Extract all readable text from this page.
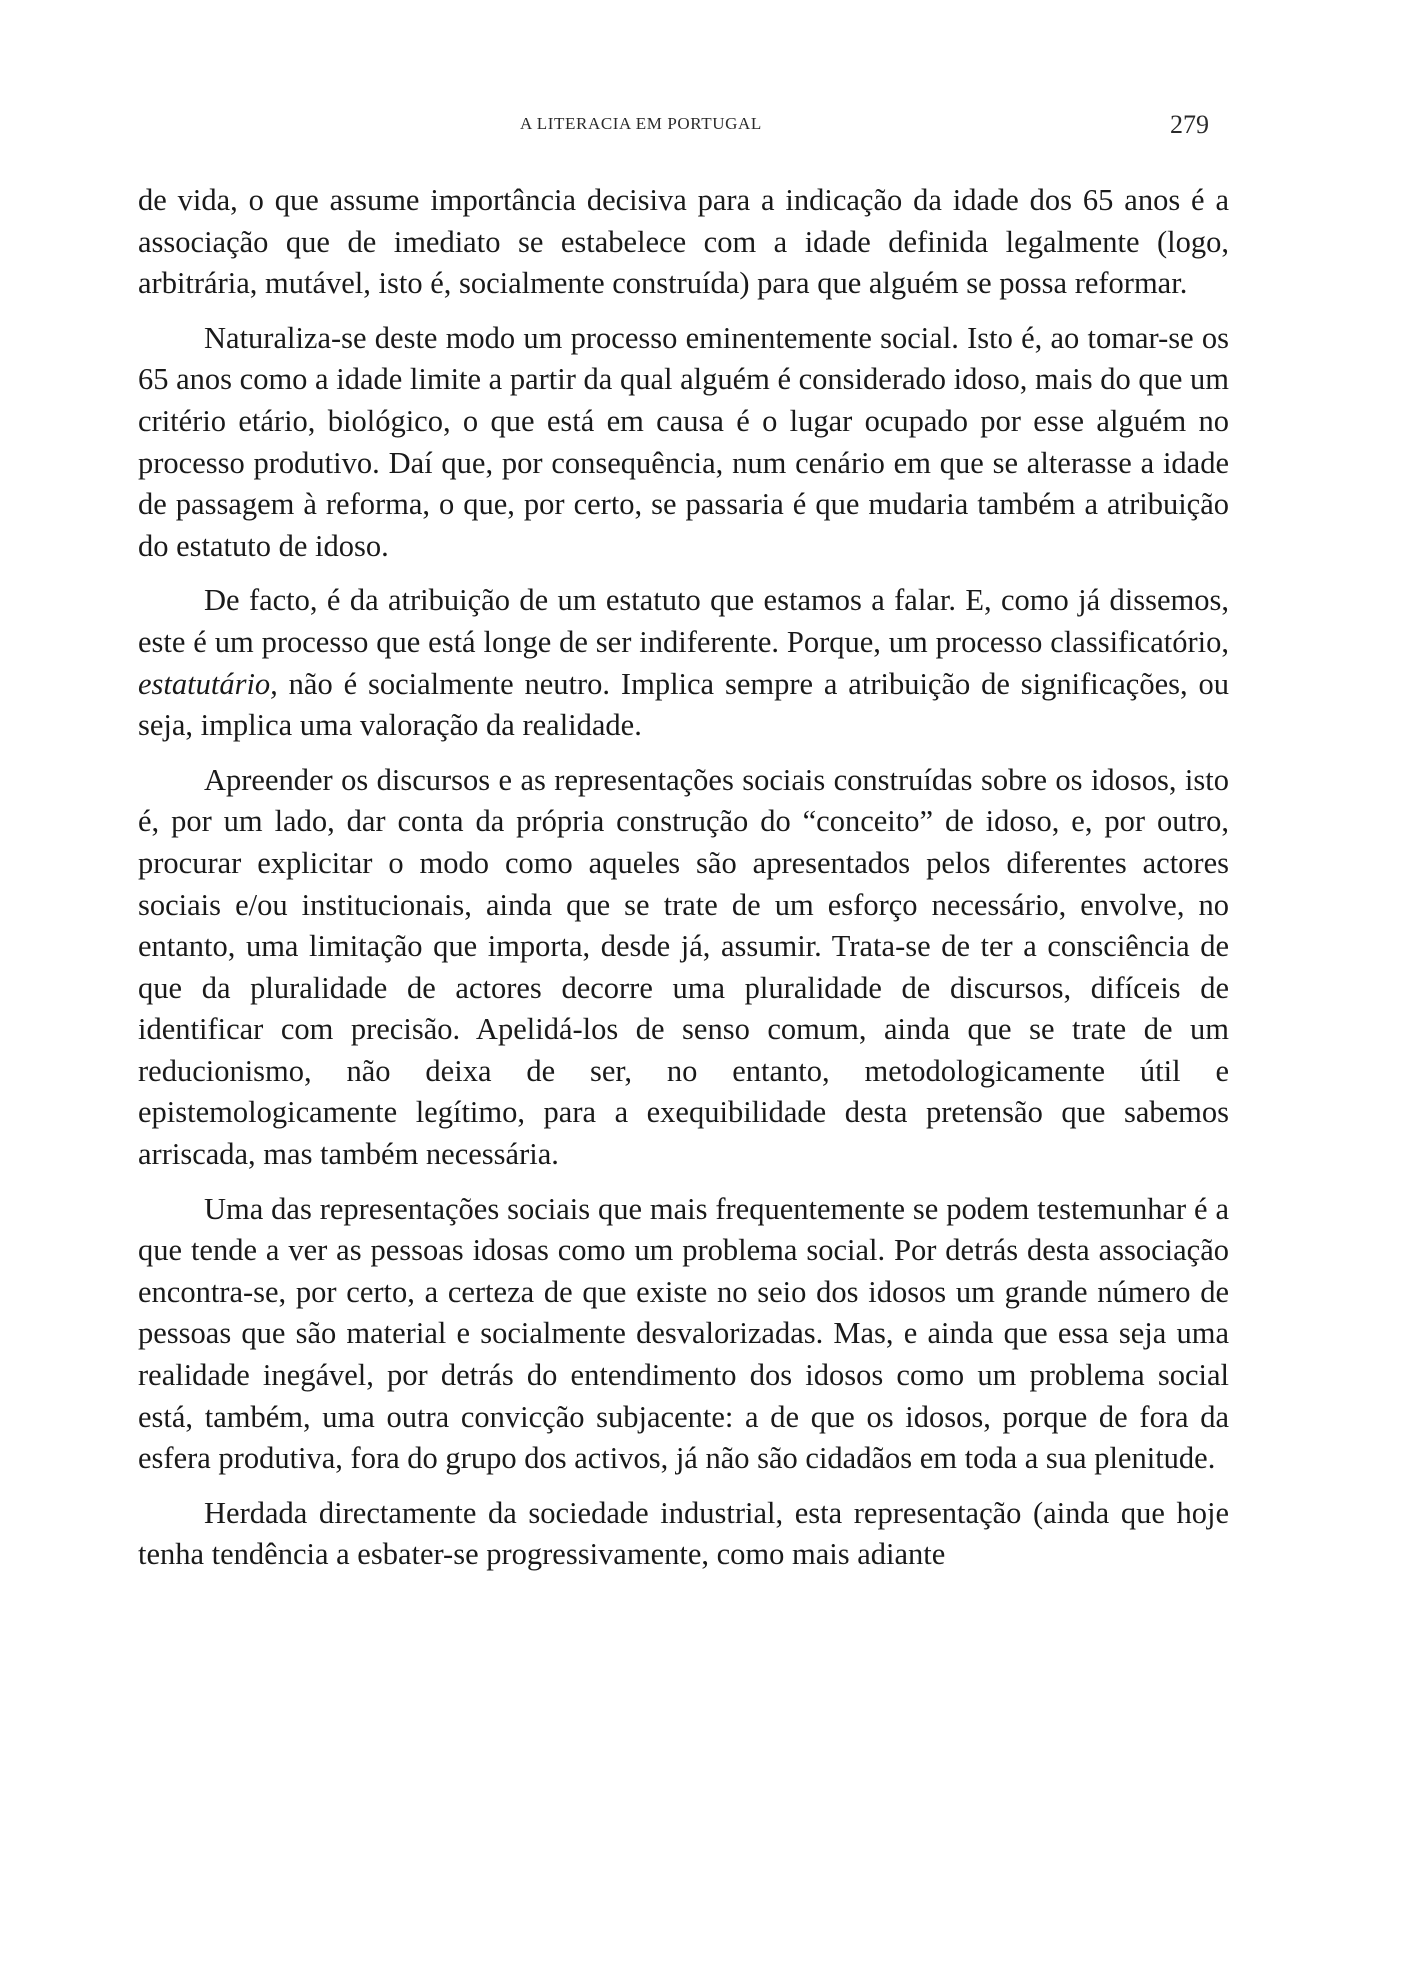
A LITERACIA EM PORTUGAL	279

de vida, o que assume importância decisiva para a indicação da idade dos 65 anos é a associação que de imediato se estabelece com a idade definida legalmente (logo, arbitrária, mutável, isto é, socialmente construída) para que alguém se possa reformar.

Naturaliza-se deste modo um processo eminentemente social. Isto é, ao tomar-se os 65 anos como a idade limite a partir da qual alguém é considerado idoso, mais do que um critério etário, biológico, o que está em causa é o lugar ocupado por esse alguém no processo produtivo. Daí que, por consequência, num cenário em que se alterasse a idade de passagem à reforma, o que, por certo, se passaria é que mudaria também a atribuição do estatuto de idoso.

De facto, é da atribuição de um estatuto que estamos a falar. E, como já dissemos, este é um processo que está longe de ser indiferente. Porque, um processo classificatório, estatutário, não é socialmente neutro. Implica sempre a atribuição de significações, ou seja, implica uma valoração da realidade.

Apreender os discursos e as representações sociais construídas sobre os idosos, isto é, por um lado, dar conta da própria construção do “conceito” de idoso, e, por outro, procurar explicitar o modo como aqueles são apresentados pelos diferentes actores sociais e/ou institucionais, ainda que se trate de um esforço necessário, envolve, no entanto, uma limitação que importa, desde já, assumir. Trata-se de ter a consciência de que da pluralidade de actores decorre uma pluralidade de discursos, difíceis de identificar com precisão. Apelidá-los de senso comum, ainda que se trate de um reducionismo, não deixa de ser, no entanto, metodologicamente útil e epistemologicamente legítimo, para a exequibilidade desta pretensão que sabemos arriscada, mas também necessária.

Uma das representações sociais que mais frequentemente se podem testemunhar é a que tende a ver as pessoas idosas como um problema social. Por detrás desta associação encontra-se, por certo, a certeza de que existe no seio dos idosos um grande número de pessoas que são material e socialmente desvalorizadas. Mas, e ainda que essa seja uma realidade inegável, por detrás do entendimento dos idosos como um problema social está, também, uma outra convicção subjacente: a de que os idosos, porque de fora da esfera produtiva, fora do grupo dos activos, já não são cidadãos em toda a sua plenitude.

Herdada directamente da sociedade industrial, esta representação (ainda que hoje tenha tendência a esbater-se progressivamente, como mais adiante
